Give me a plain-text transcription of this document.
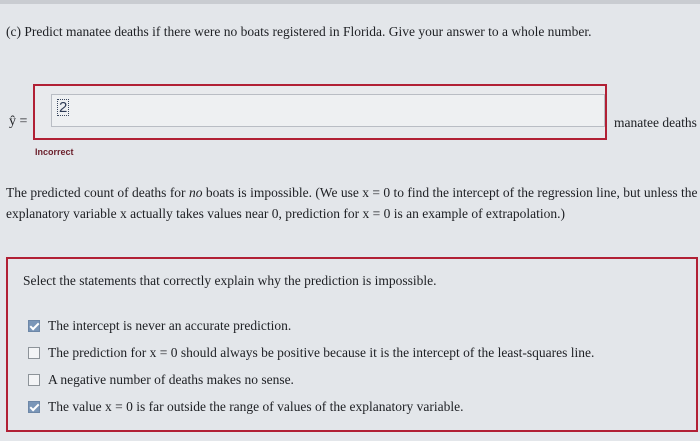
(c) Predict manatee deaths if there were no boats registered in Florida. Give your answer to a whole number.
ŷ =
2
manatee deaths
Incorrect
The predicted count of deaths for no boats is impossible. (We use x = 0 to find the intercept of the regression line, but unless the explanatory variable x actually takes values near 0, prediction for x = 0 is an example of extrapolation.)
Select the statements that correctly explain why the prediction is impossible.
The intercept is never an accurate prediction.
The prediction for x = 0 should always be positive because it is the intercept of the least-squares line.
A negative number of deaths makes no sense.
The value x = 0 is far outside the range of values of the explanatory variable.
